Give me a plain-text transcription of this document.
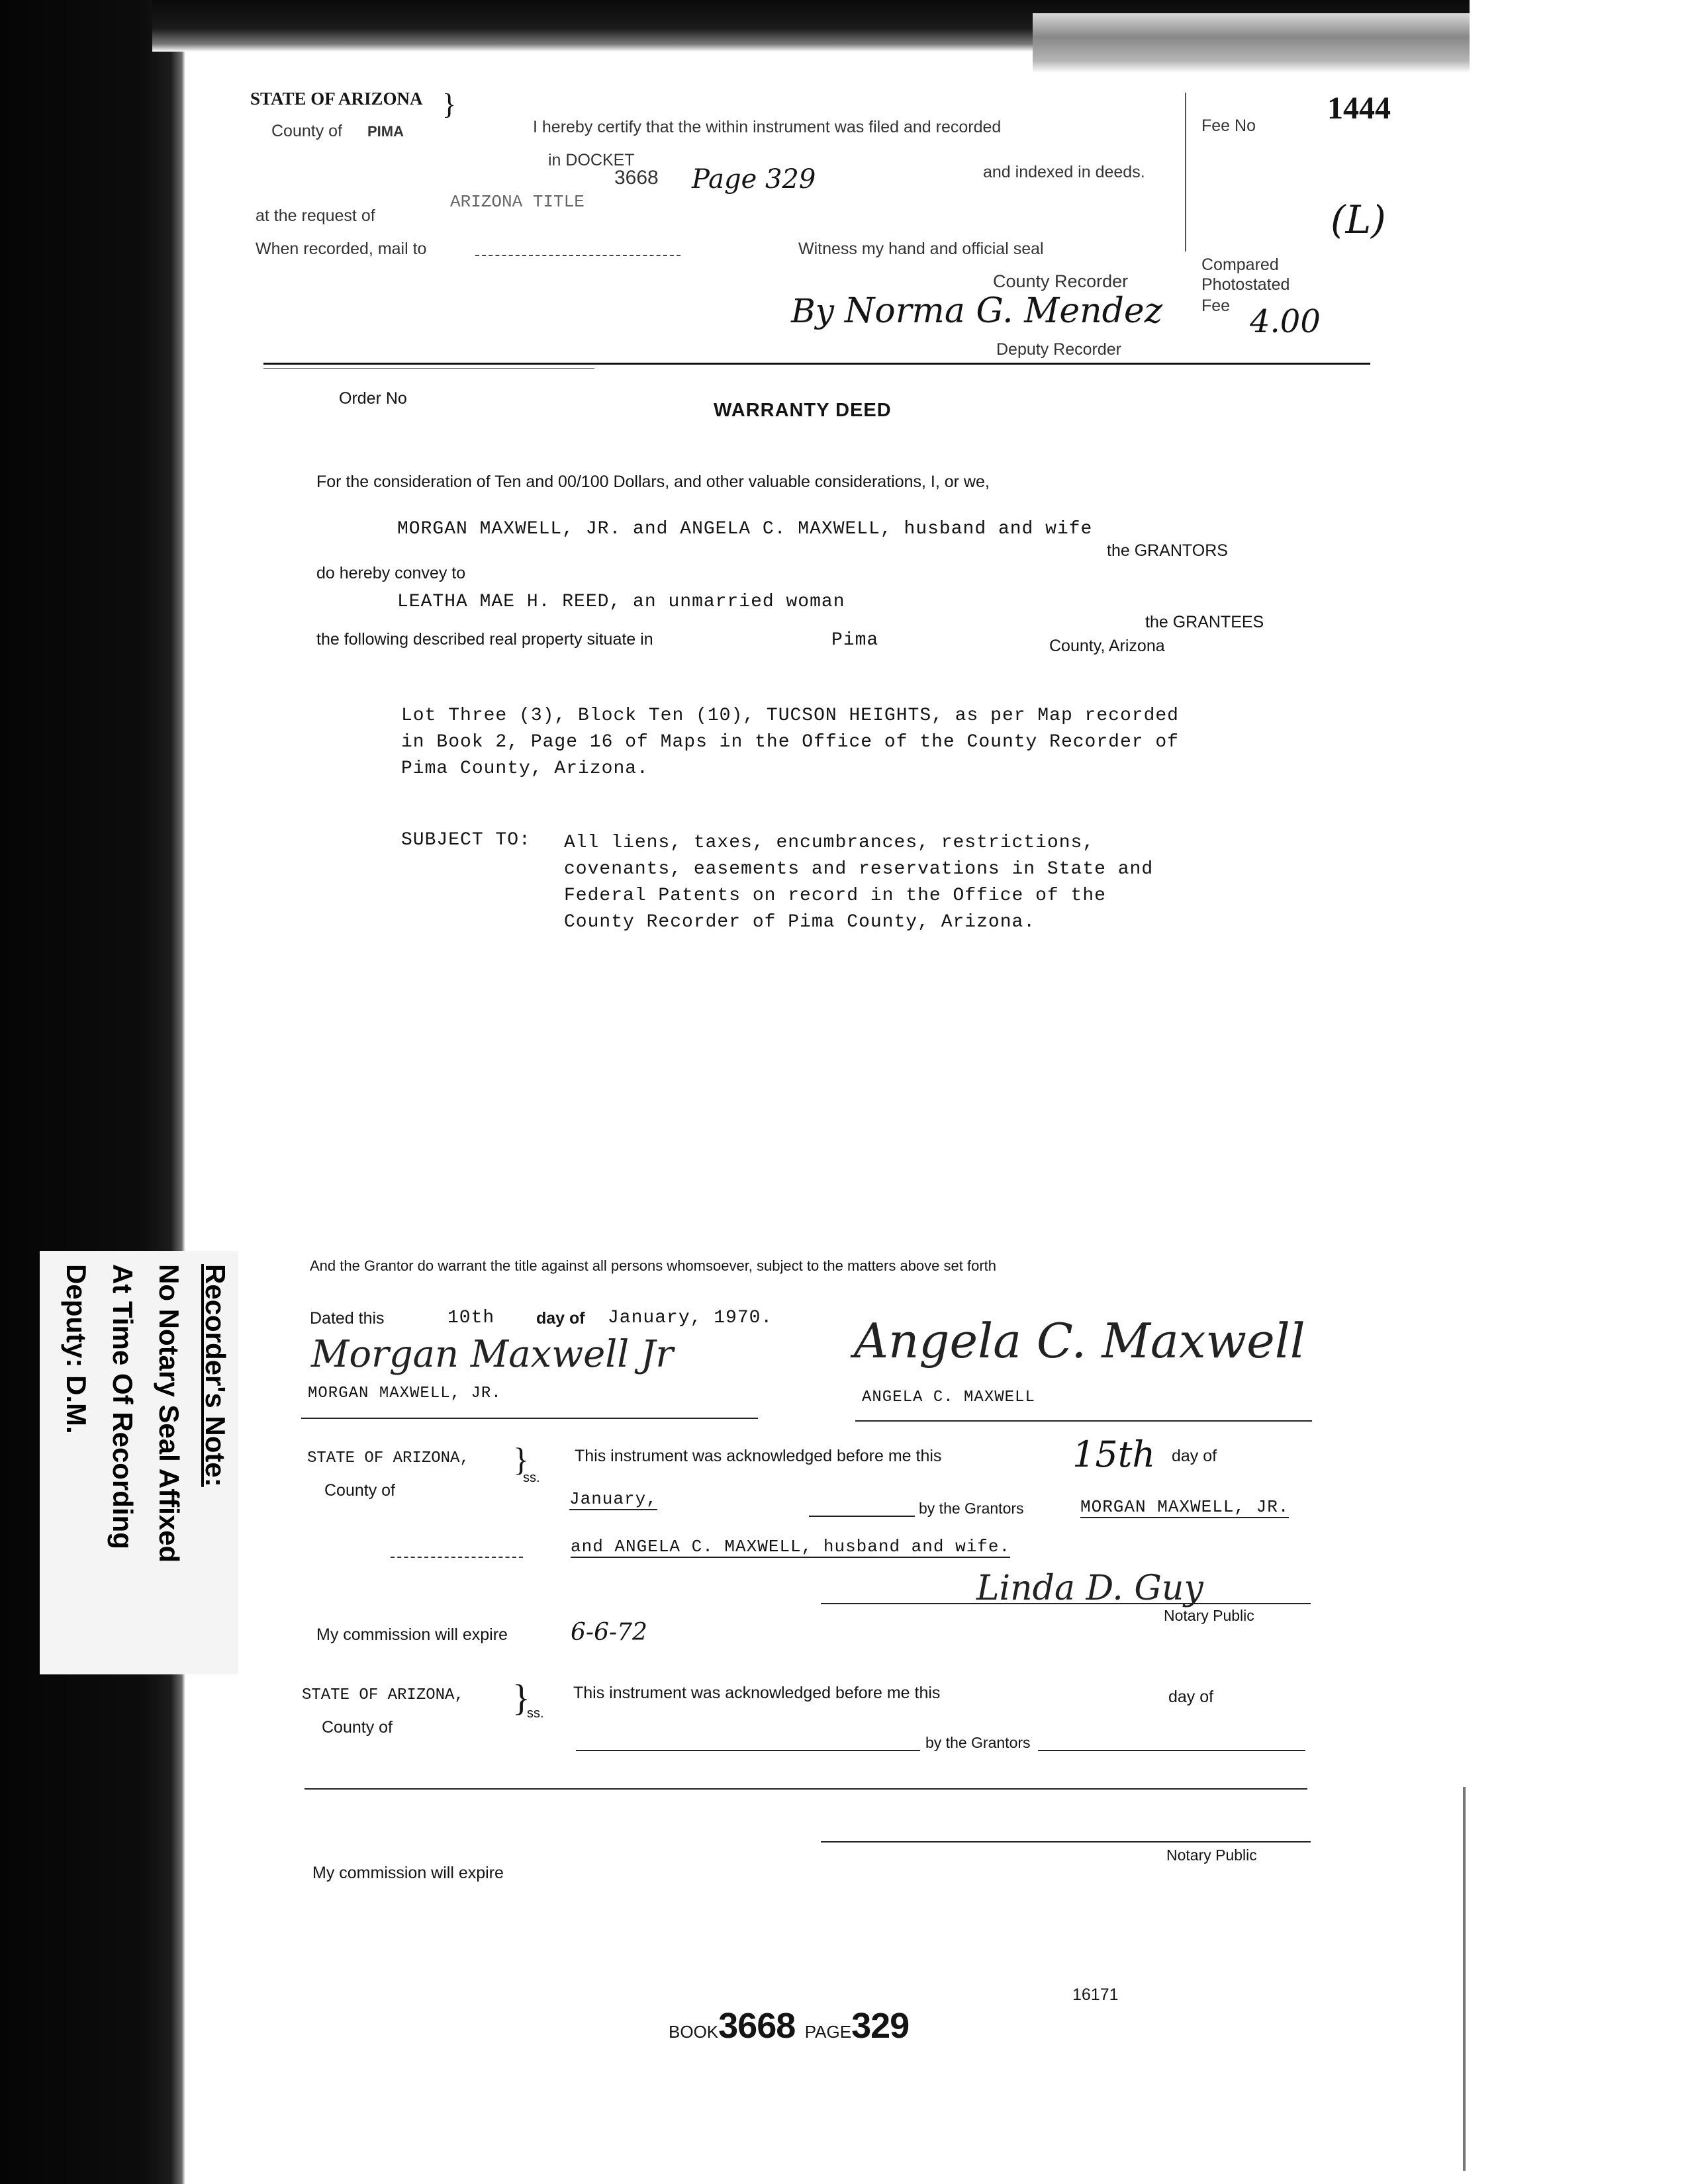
Recorder's Note:
No Notary Seal Affixed
At Time Of Recording
Deputy: D.M.
STATE OF ARIZONA }
County of PIMA	I hereby certify that the within instrument was filed and recorded
in DOCKET
3668 Page 329	and indexed in deeds.
at the request of
ARIZONA TITLE
When recorded, mail to	Witness my hand and official seal
County Recorder
By Norma G. Mendez
Deputy Recorder
Fee No 1444
(L)
Compared
Photostated
Fee 4.00
Order No
WARRANTY DEED
For the consideration of Ten and 00/100 Dollars, and other valuable considerations, I, or we,
MORGAN MAXWELL, JR. and ANGELA C. MAXWELL, husband and wife
the GRANTORS
do hereby convey to
LEATHA MAE H. REED, an unmarried woman
the GRANTEES
the following described real property situate in	Pima	County, Arizona
Lot Three (3), Block Ten (10), TUCSON HEIGHTS, as per Map recorded
in Book 2, Page 16 of Maps in the Office of the County Recorder of
Pima County, Arizona.
SUBJECT TO: All liens, taxes, encumbrances, restrictions,
covenants, easements and reservations in State and
Federal Patents on record in the Office of the
County Recorder of Pima County, Arizona.
And the Grantor do warrant the title against all persons whomsoever, subject to the matters above set forth
Dated this	10th	day of January, 1970.
Morgan Maxwell Jr	Angela C. Maxwell
MORGAN MAXWELL, JR.	ANGELA C. MAXWELL
STATE OF ARIZONA, }
ss.
County of
This instrument was acknowledged before me this	15th day of
January,	by the Grantors	MORGAN MAXWELL, JR.
and ANGELA C. MAXWELL, husband and wife.
Linda D. Guy
Notary Public
My commission will expire	6-6-72
STATE OF ARIZONA, }
ss.
County of
This instrument was acknowledged before me this	day of
by the Grantors
Notary Public
My commission will expire
16171
BOOK3668 PAGE329
